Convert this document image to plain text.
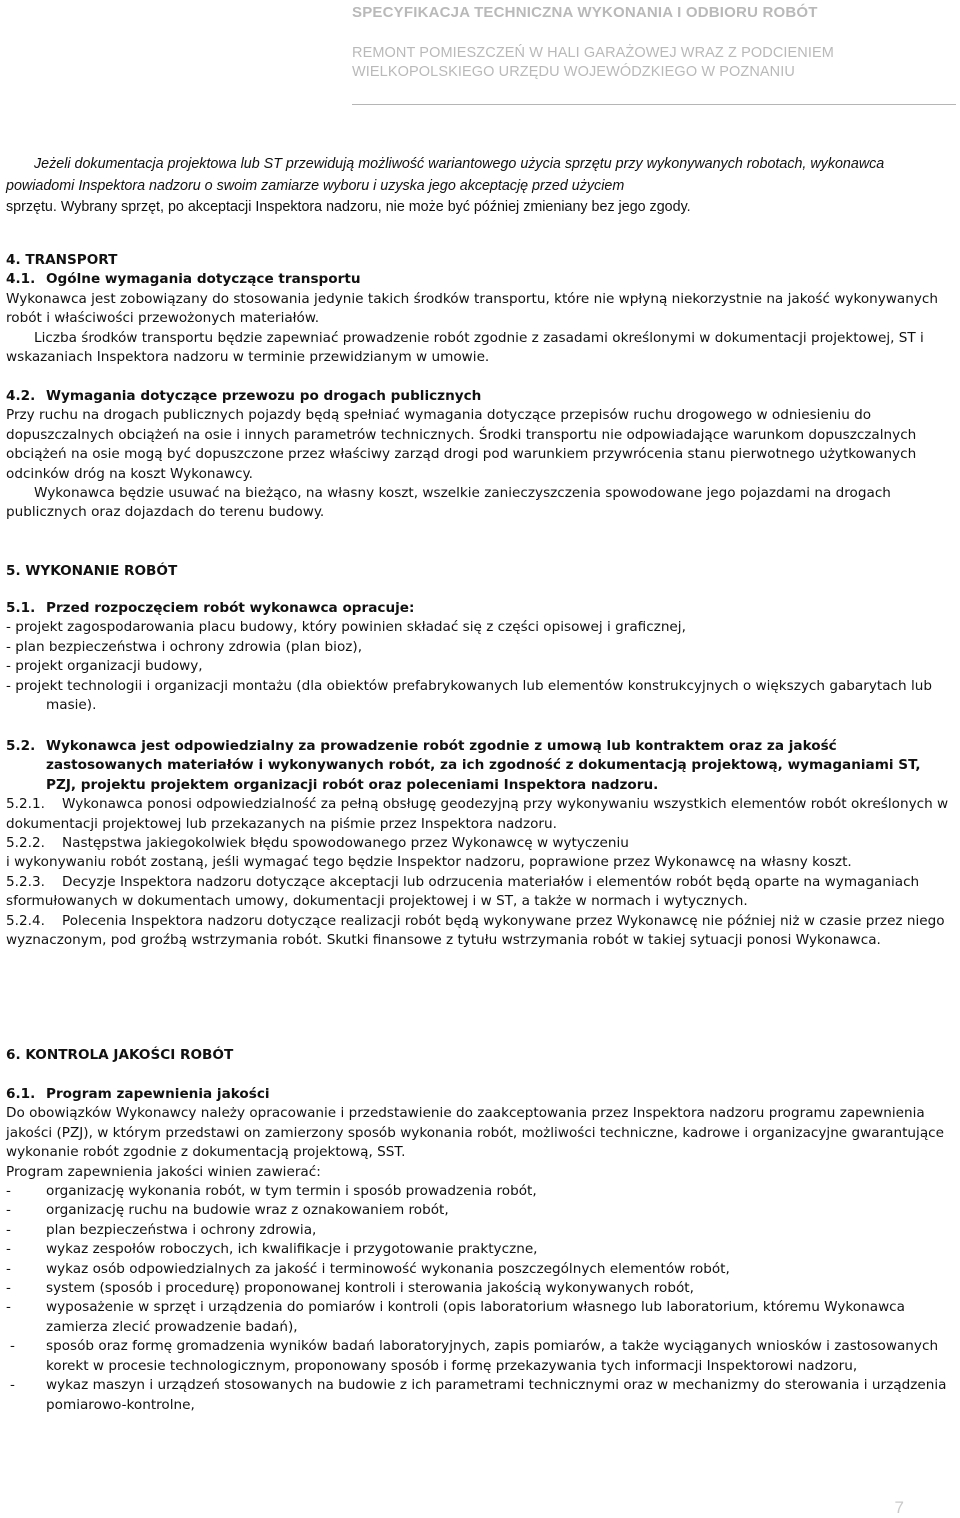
SPECYFIKACJA TECHNICZNA WYKONANIA I ODBIORU ROBÓT
REMONT POMIESZCZEŃ W HALI GARAŻOWEJ WRAZ Z PODCIENIEM
WIELKOPOLSKIEGO URZĘDU WOJEWÓDZKIEGO W POZNANIU

Jeżeli dokumentacja projektowa lub ST przewidują możliwość wariantowego użycia sprzętu przy wykonywanych robotach, wykonawca powiadomi Inspektora nadzoru o swoim zamiarze wyboru i uzyska jego akceptację przed użyciem

sprzętu. Wybrany sprzęt, po akceptacji Inspektora nadzoru, nie może być później zmieniany bez jego zgody.

4. TRANSPORT

4.1. Ogólne wymagania dotyczące transportu

Wykonawca jest zobowiązany do stosowania jedynie takich środków transportu, które nie wpłyną niekorzystnie na jakość wykonywanych robót i właściwości przewożonych materiałów.

Liczba środków transportu będzie zapewniać prowadzenie robót zgodnie z zasadami określonymi w dokumentacji projektowej, ST i wskazaniach Inspektora nadzoru w terminie przewidzianym w umowie.

4.2. Wymagania dotyczące przewozu po drogach publicznych

Przy ruchu na drogach publicznych pojazdy będą spełniać wymagania dotyczące przepisów ruchu drogowego w odniesieniu do dopuszczalnych obciążeń na osie i innych parametrów technicznych. Środki transportu nie odpowiadające warunkom dopuszczalnych obciążeń na osie mogą być dopuszczone przez właściwy zarząd drogi pod warunkiem przywrócenia stanu pierwotnego użytkowanych odcinków dróg na koszt Wykonawcy.

Wykonawca będzie usuwać na bieżąco, na własny koszt, wszelkie zanieczyszczenia spowodowane jego pojazdami na drogach publicznych oraz dojazdach do terenu budowy.

5. WYKONANIE ROBÓT

5.1. Przed rozpoczęciem robót wykonawca opracuje:

- projekt zagospodarowania placu budowy, który powinien składać się z części opisowej i graficznej,

- plan bezpieczeństwa i ochrony zdrowia (plan bioz),

- projekt organizacji budowy,

- projekt technologii i organizacji montażu (dla obiektów prefabrykowanych lub elementów konstrukcyjnych o większych gabarytach lub masie).

5.2. Wykonawca jest odpowiedzialny za prowadzenie robót zgodnie z umową lub kontraktem oraz za jakość zastosowanych materiałów i wykonywanych robót, za ich zgodność z dokumentacją projektową, wymaganiami ST, PZJ, projektu projektem organizacji robót oraz poleceniami Inspektora nadzoru.

5.2.1. Wykonawca ponosi odpowiedzialność za pełną obsługę geodezyjną przy wykonywaniu wszystkich elementów robót określonych w dokumentacji projektowej lub przekazanych na piśmie przez Inspektora nadzoru.

5.2.2. Następstwa jakiegokolwiek błędu spowodowanego przez Wykonawcę w wytyczeniu

i wykonywaniu robót zostaną, jeśli wymagać tego będzie Inspektor nadzoru, poprawione przez Wykonawcę na własny koszt.

5.2.3. Decyzje Inspektora nadzoru dotyczące akceptacji lub odrzucenia materiałów i elementów robót będą oparte na wymaganiach sformułowanych w dokumentach umowy, dokumentacji projektowej i w ST, a także w normach i wytycznych.

5.2.4. Polecenia Inspektora nadzoru dotyczące realizacji robót będą wykonywane przez Wykonawcę nie później niż w czasie przez niego wyznaczonym, pod groźbą wstrzymania robót. Skutki finansowe z tytułu wstrzymania robót w takiej sytuacji ponosi Wykonawca.

6. KONTROLA JAKOŚCI ROBÓT

6.1. Program zapewnienia jakości

Do obowiązków Wykonawcy należy opracowanie i przedstawienie do zaakceptowania przez Inspektora nadzoru programu zapewnienia jakości (PZJ), w którym przedstawi on zamierzony sposób wykonania robót, możliwości techniczne, kadrowe i organizacyjne gwarantujące wykonanie robót zgodnie z dokumentacją projektową, SST.

Program zapewnienia jakości winien zawierać:

-	organizację wykonania robót, w tym termin i sposób prowadzenia robót,

-	organizację ruchu na budowie wraz z oznakowaniem robót,

-	plan bezpieczeństwa i ochrony zdrowia,

-	wykaz zespołów roboczych, ich kwalifikacje i przygotowanie praktyczne,

-	wykaz osób odpowiedzialnych za jakość i terminowość wykonania poszczególnych elementów robót,

-	system (sposób i procedurę) proponowanej kontroli i sterowania jakością wykonywanych robót,

-	wyposażenie w sprzęt i urządzenia do pomiarów i kontroli (opis laboratorium własnego lub laboratorium, któremu Wykonawca zamierza zlecić prowadzenie badań),

- sposób oraz formę gromadzenia wyników badań laboratoryjnych, zapis pomiarów, a także wyciąganych wniosków i zastosowanych korekt w procesie technologicznym, proponowany sposób i formę przekazywania tych informacji Inspektorowi nadzoru,

- wykaz maszyn i urządzeń stosowanych na budowie z ich parametrami technicznymi oraz w mechanizmy do sterowania i urządzenia pomiarowo-kontrolne,

7
